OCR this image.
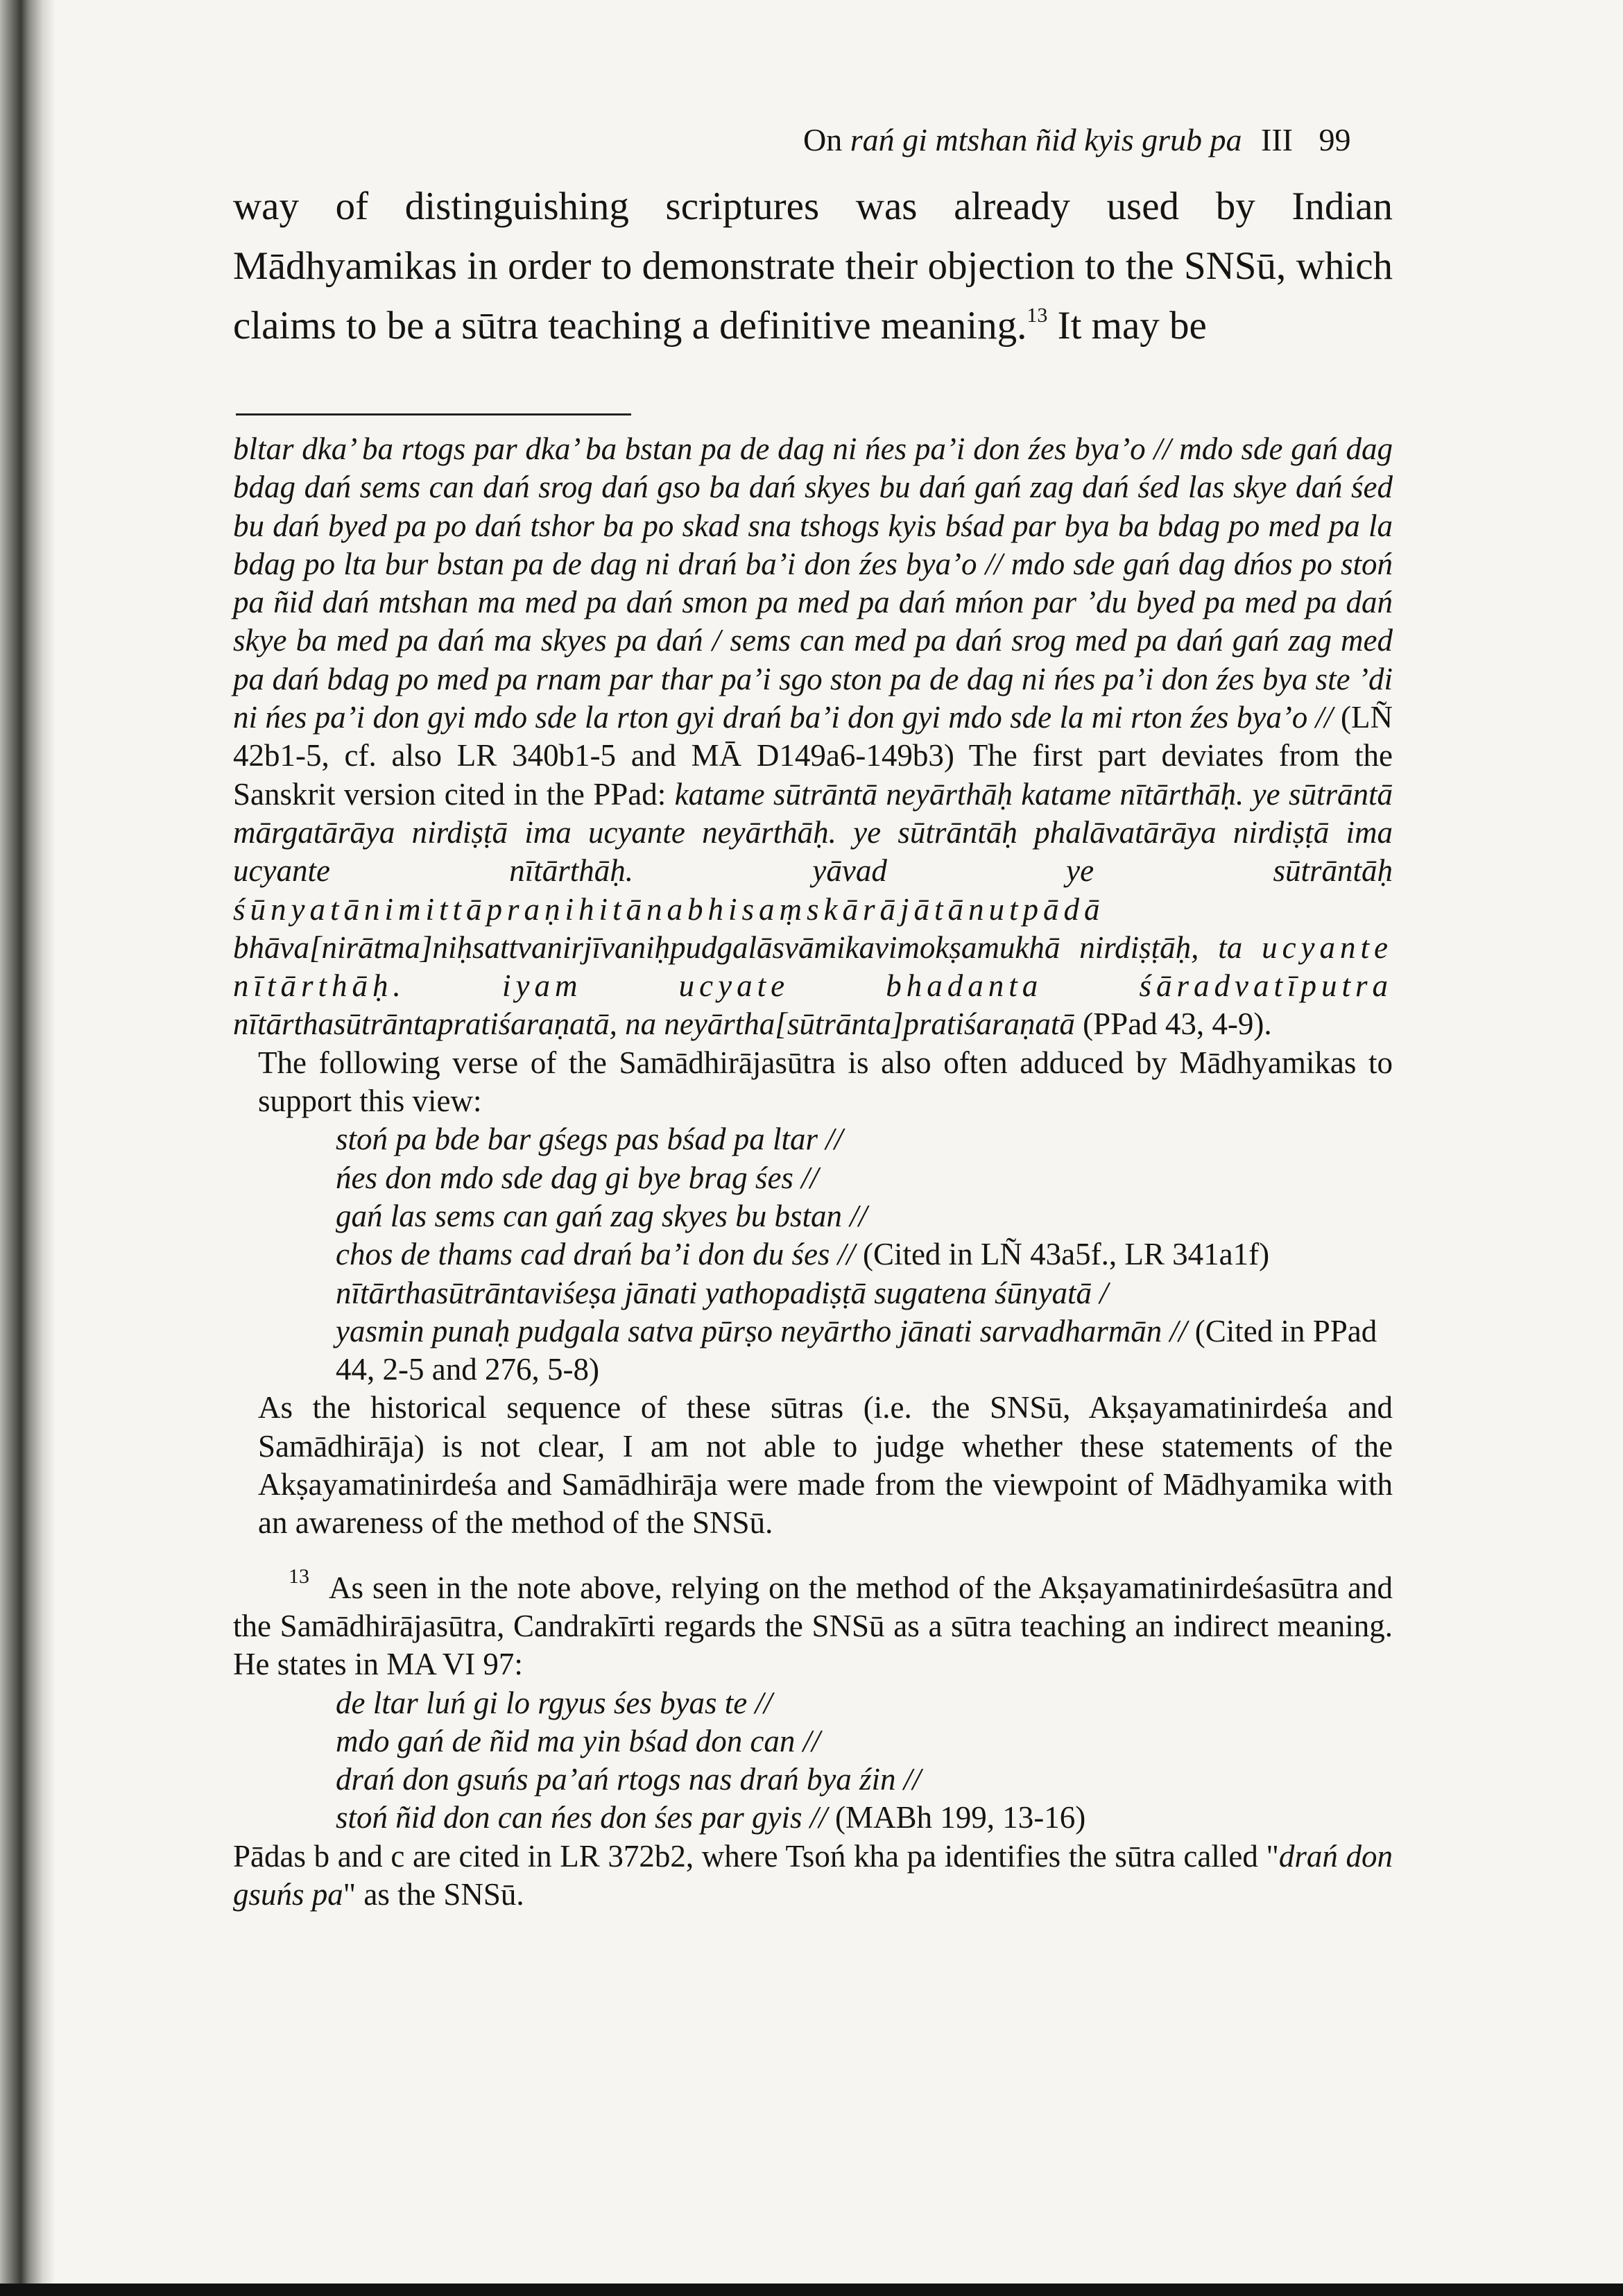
On rań gi mtshan ñid kyis grub pa III 99

way of distinguishing scriptures was already used by Indian Mādhyamikas in order to demonstrate their objection to the SNSū, which claims to be a sūtra teaching a definitive meaning.$^{13}$ It may be

bltar dka’ ba rtogs par dka’ ba bstan pa de dag ni ńes pa’i don źes bya’o // mdo sde gań dag bdag dań sems can dań srog dań gso ba dań skyes bu dań gań zag dań śed las skye dań śed bu dań byed pa po dań tshor ba po skad sna tshogs kyis bśad par bya ba bdag po med pa la bdag po lta bur bstan pa de dag ni drań ba’i don źes bya’o // mdo sde gań dag dńos po stoń pa ñid dań mtshan ma med pa dań smon pa med pa dań mńon par ’du byed pa med pa dań skye ba med pa dań ma skyes pa dań / sems can med pa dań srog med pa dań gań zag med pa dań bdag po med pa rnam par thar pa’i sgo ston pa de dag ni ńes pa’i don źes bya ste ’di ni ńes pa’i don gyi mdo sde la rton gyi drań ba’i don gyi mdo sde la mi rton źes bya’o // (LÑ 42b1-5, cf. also LR 340b1-5 and MĀ D149a6-149b3) The first part deviates from the Sanskrit version cited in the PPad: katame sūtrāntā neyārthāḥ katame nītārthāḥ. ye sūtrāntā mārgatārāya nirdiṣṭā ima ucyante neyārthāḥ. ye sūtrāntāḥ phalāvatārāya nirdiṣṭā ima ucyante nītārthāḥ. yāvad ye sūtrāntāḥ śūnyatānimittāpraṇihitānabhisaṃskārājātānutpādā bhāva[nirātma]niḥsattvanirjīvaniḥpudgalāsvāmikavimokṣamukhā nirdiṣṭāḥ, ta ucyante nītārthāḥ. iyam ucyate bhadanta śāradvatīputra nītārthasūtrāntapratiśaraṇatā, na neyārtha[sūtrānta]pratiśaraṇatā (PPad 43, 4-9).

The following verse of the Samādhirājasūtra is also often adduced by Mādhyamikas to support this view:

stoń pa bde bar gśegs pas bśad pa ltar //
ńes don mdo sde dag gi bye brag śes //
gań las sems can gań zag skyes bu bstan //
chos de thams cad drań ba’i don du śes // (Cited in LÑ 43a5f., LR 341a1f)
nītārthasūtrāntaviśeṣa jānati yathopadiṣṭā sugatena śūnyatā /
yasmin punaḥ pudgala satva pūrṣo neyārtho jānati sarvadharmān // (Cited in PPad 44, 2-5 and 276, 5-8)

As the historical sequence of these sūtras (i.e. the SNSū, Akṣayamatinirdeśa and Samādhirāja) is not clear, I am not able to judge whether these statements of the Akṣayamatinirdeśa and Samādhirāja were made from the viewpoint of Mādhyamika with an awareness of the method of the SNSū.

$^{13}$ As seen in the note above, relying on the method of the Akṣayamatinirdeśasūtra and the Samādhirājasūtra, Candrakīrti regards the SNSū as a sūtra teaching an indirect meaning. He states in MA VI 97:

de ltar luń gi lo rgyus śes byas te //
mdo gań de ñid ma yin bśad don can //
drań don gsuńs pa’ań rtogs nas drań bya źin //
stoń ñid don can ńes don śes par gyis // (MABh 199, 13-16)

Pādas b and c are cited in LR 372b2, where Tsoń kha pa identifies the sūtra called "drań don gsuńs pa" as the SNSū.
